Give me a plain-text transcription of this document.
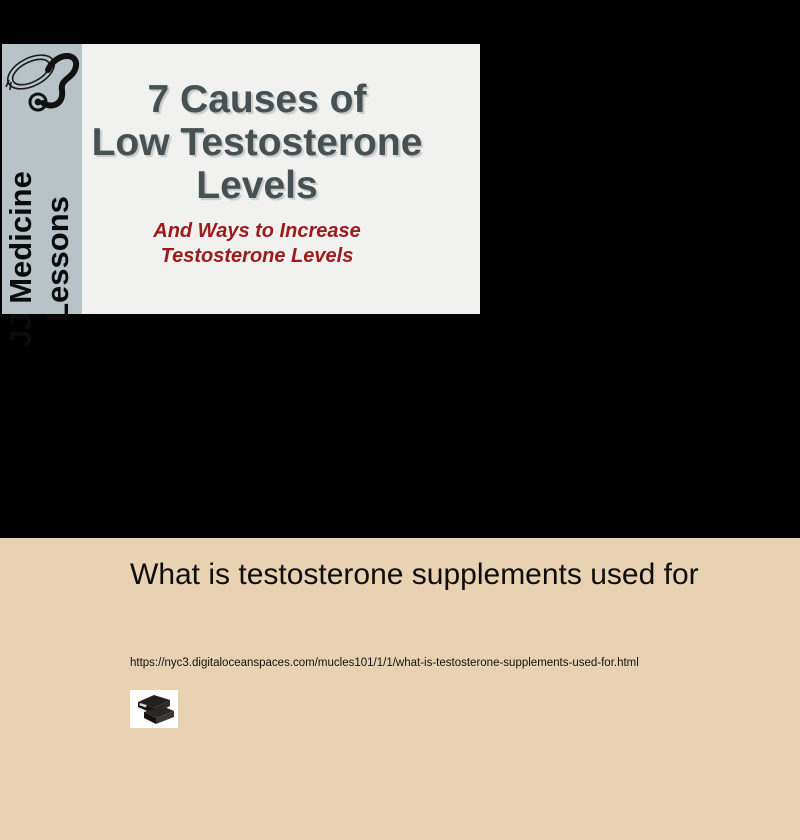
JJ Medicine Lessons
7 Causes of
Low Testosterone
Levels
And Ways to Increase
Testosterone Levels
What is testosterone supplements used for
https://nyc3.digitaloceanspaces.com/mucles101/1/1/what-is-testosterone-supplements-used-for.html
